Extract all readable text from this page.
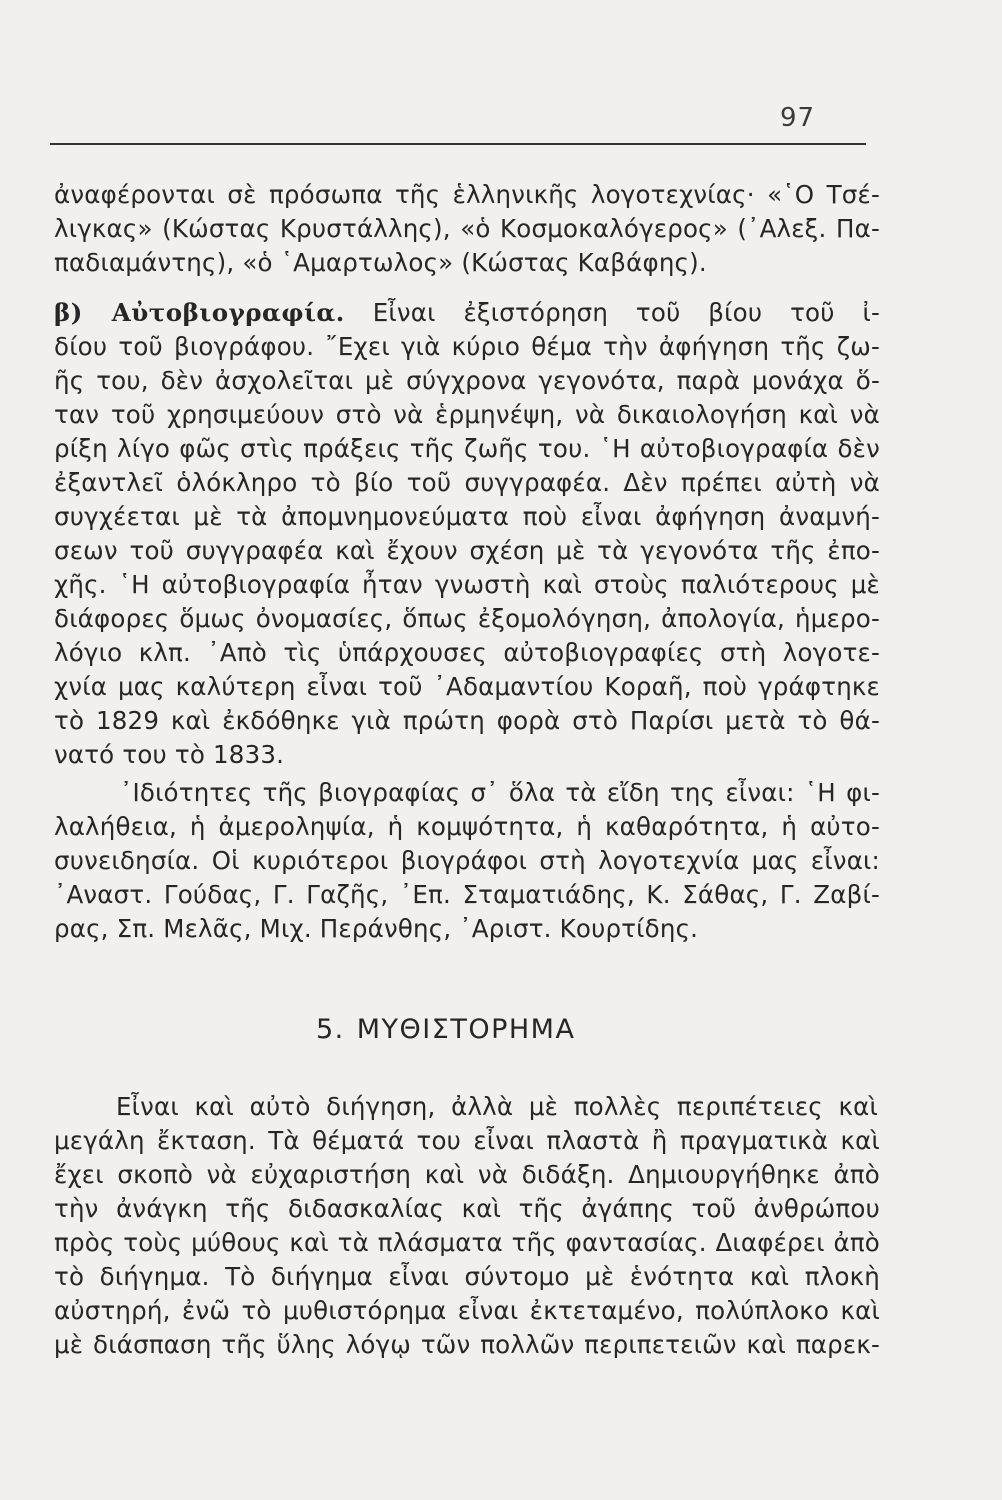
97
ἀναφέρονται σὲ πρόσωπα τῆς ἑλληνικῆς λογοτεχνίας· «῾Ο Τσέ-
λιγκας» (Κώστας Κρυστάλλης), «ὁ Κοσμοκαλόγερος» (᾿Αλεξ. Πα-
παδιαμάντης), «ὁ ῾Αμαρτωλος» (Κώστας Καβάφης).
β) Αὐτοβιογραφία. Εἶναι ἐξιστόρηση τοῦ βίου τοῦ ἰ-
δίου τοῦ βιογράφου. ῎Εχει γιὰ κύριο θέμα τὴν ἀφήγηση τῆς ζω-
ῆς του, δὲν ἀσχολεῖται μὲ σύγχρονα γεγονότα, παρὰ μονάχα ὅ-
ταν τοῦ χρησιμεύουν στὸ νὰ ἑρμηνέψη, νὰ δικαιολογήση καὶ νὰ
ρίξη λίγο φῶς στὶς πράξεις τῆς ζωῆς του. ῾Η αὐτοβιογραφία δὲν
ἐξαντλεῖ ὁλόκληρο τὸ βίο τοῦ συγγραφέα. Δὲν πρέπει αὐτὴ νὰ
συγχέεται μὲ τὰ ἀπομνημονεύματα ποὺ εἶναι ἀφήγηση ἀναμνή-
σεων τοῦ συγγραφέα καὶ ἔχουν σχέση μὲ τὰ γεγονότα τῆς ἐπο-
χῆς. ῾Η αὐτοβιογραφία ἦταν γνωστὴ καὶ στοὺς παλιότερους μὲ
διάφορες ὅμως ὀνομασίες, ὅπως ἐξομολόγηση, ἀπολογία, ἡμερο-
λόγιο κλπ. ᾿Απὸ τὶς ὑπάρχουσες αὐτοβιογραφίες στὴ λογοτε-
χνία μας καλύτερη εἶναι τοῦ ᾿Αδαμαντίου Κοραῆ, ποὺ γράφτηκε
τὸ 1829 καὶ ἐκδόθηκε γιὰ πρώτη φορὰ στὸ Παρίσι μετὰ τὸ θά-
νατό του τὸ 1833.
᾿Ιδιότητες τῆς βιογραφίας σ᾿ ὅλα τὰ εἴδη της εἶναι: ῾Η φι-
λαλήθεια, ἡ ἀμεροληψία, ἡ κομψότητα, ἡ καθαρότητα, ἡ αὐτο-
συνειδησία. Οἱ κυριότεροι βιογράφοι στὴ λογοτεχνία μας εἶναι:
᾿Αναστ. Γούδας, Γ. Γαζῆς, ᾿Επ. Σταματιάδης, Κ. Σάθας, Γ. Ζαβί-
ρας, Σπ. Μελᾶς, Μιχ. Περάνθης, ᾿Αριστ. Κουρτίδης.
5. ΜΥΘΙΣΤΟΡΗΜΑ
Εἶναι καὶ αὐτὸ διήγηση, ἀλλὰ μὲ πολλὲς περιπέτειες καὶ
μεγάλη ἔκταση. Τὰ θέματά του εἶναι πλαστὰ ἢ πραγματικὰ καὶ
ἔχει σκοπὸ νὰ εὐχαριστήση καὶ νὰ διδάξη. Δημιουργήθηκε ἀπὸ
τὴν ἀνάγκη τῆς διδασκαλίας καὶ τῆς ἀγάπης τοῦ ἀνθρώπου
πρὸς τοὺς μύθους καὶ τὰ πλάσματα τῆς φαντασίας. Διαφέρει ἀπὸ
τὸ διήγημα. Τὸ διήγημα εἶναι σύντομο μὲ ἑνότητα καὶ πλοκὴ
αὐστηρή, ἐνῶ τὸ μυθιστόρημα εἶναι ἐκτεταμένο, πολύπλοκο καὶ
μὲ διάσπαση τῆς ὕλης λόγῳ τῶν πολλῶν περιπετειῶν καὶ παρεκ-
